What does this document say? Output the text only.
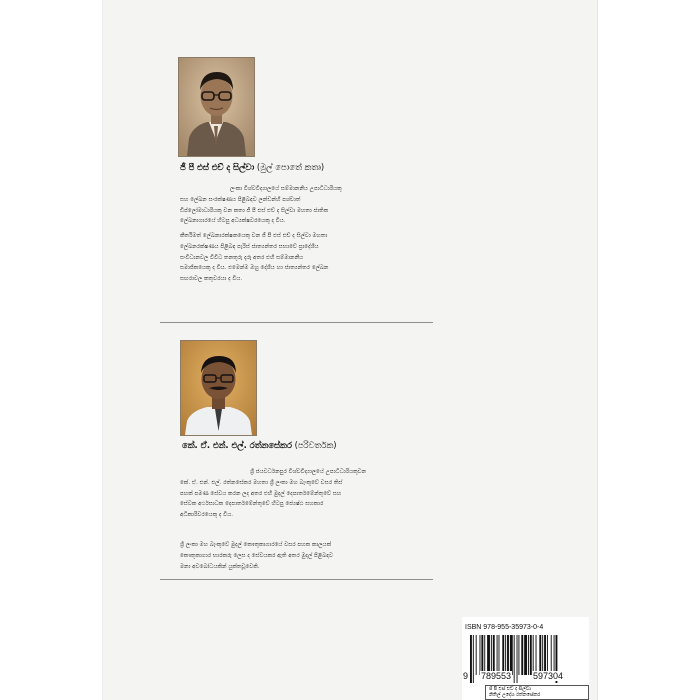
ජී පී එස් එච් ද සිල්වා (මුල් පොතේ කතෘ)
ලංකා විශ්වවිද්‍යාලයේ සම්මානනීය උපාධිධාරියකු
සහ ලේඛන සංරක්ෂණය පිළිබඳව ලන්ඩන්හි පශ්චාත්
ඩිප්ලෝමාධාරියකු වන කතා ජී පී එස් එච් ද සිල්වා මහතා ජාතික
ලේඛනාගාරයේ හිටපු අධ්‍යක්ෂවරයෙකු ද විය.
කීර්තිමත් ලේඛනාරක්ෂකයෙකු වන ජී පී එස් එච් ද සිල්වා මහතා
ලේඛනරක්ෂණය පිළිබඳ පැරිස් ජාත්‍යන්තර සභාවේ ප්‍රාදේශීය
සංවිධානවල විවිධ තනතුරු දැරූ අතර එහි සම්මානනීය
සමාජිකයෙකු ද විය. එමෙන්ම ඔහු දේශීය හා ජාත්‍යන්තර ලේඛන
සඟරාවල කතුවරයා ද විය.
කේ. ඒ. එන්. එල්. රත්නසේකර (පරිවර්තක)
ශ්‍රී ජයවර්ධනපුර විශ්වවිද්‍යාලයේ උපාධිධාරියකුවන
කේ. ඒ. එන්. එල්. රත්නසේකර මහතා ශ්‍රී ලංකා මහ බැංකුවේ වසර තිස්
පහක් පමණ සේවය කරන ලද අතර එහි මුදල් දෙපාර්තමේන්තුවේ සහ
සේවක අර්ථසාධක දෙපාර්තමේන්තුවේ හිටපු ජ්‍යෙෂ්ඨ සහකාර
අධිකාරිවරයෙකු ද විය.
ශ්‍රී ලංකා මහ බැංකුවේ මුදල් කෞතුකාගාරයේ වසර පහක කාලයක්
කෞතුකාගාර භාරකරු ලෙස ද සේවයකර ඇති අතර මුදල් පිළිබඳව
මනා අවබෝධයකින් යුක්තවූවෙකි.
ISBN 978-955-35973-0-4
9 789553 597304
ජී පී එස් එච් ද සිල්වා
නිතිල් උදේශ රත්නසේකර
